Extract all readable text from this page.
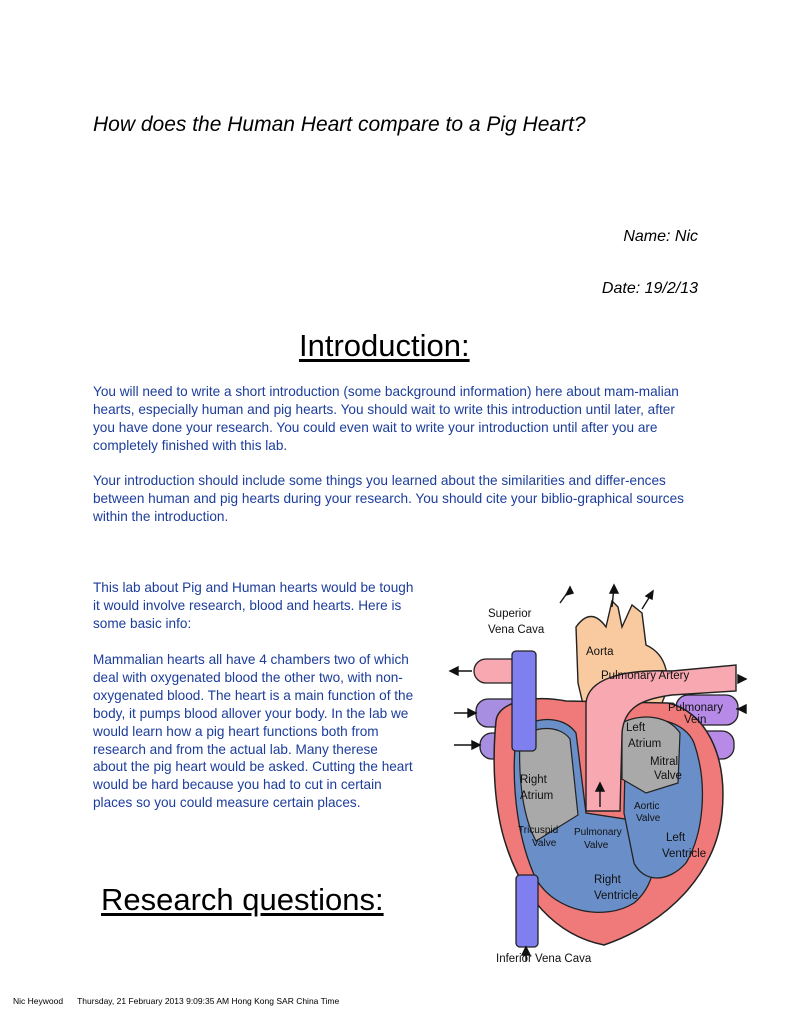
How does the Human Heart compare to a Pig Heart?
Name: Nic
Date: 19/2/13
Introduction:

You will need to write a short introduction (some background information) here about mam-malian hearts, especially human and pig hearts. You should wait to write this introduction until later, after you have done your research. You could even wait to write your introduction until after you are completely finished with this lab.

Your introduction should include some things you learned about the similarities and differ-ences between human and pig hearts during your research. You should cite your biblio-graphical sources within the introduction.

This lab about Pig and Human hearts would be tough it would involve research, blood and hearts. Here is some basic info:

Mammalian hearts all have 4 chambers two of which deal with oxygenated blood the other two, with non-oxygenated blood. The heart is a main function of the body, it pumps blood allover your body. In the lab we would learn how a pig heart functions both from research and from the actual lab. Many therese about the pig heart would be asked. Cutting the heart would be hard because you had to cut in certain places so you could measure certain places.

Research questions:
Superior
Vena Cava
Aorta
Pulmonary Artery
Pulmonary
Vein
Left
Atrium
Mitral
Valve
Right
Atrium
Aortic
Valve
Tricuspid
Valve
Pulmonary
Valve
Left
Ventricle
Right
Ventricle
Inferior Vena Cava
Nic Heywood Thursday, 21 February 2013 9:09:35 AM Hong Kong SAR China Time
